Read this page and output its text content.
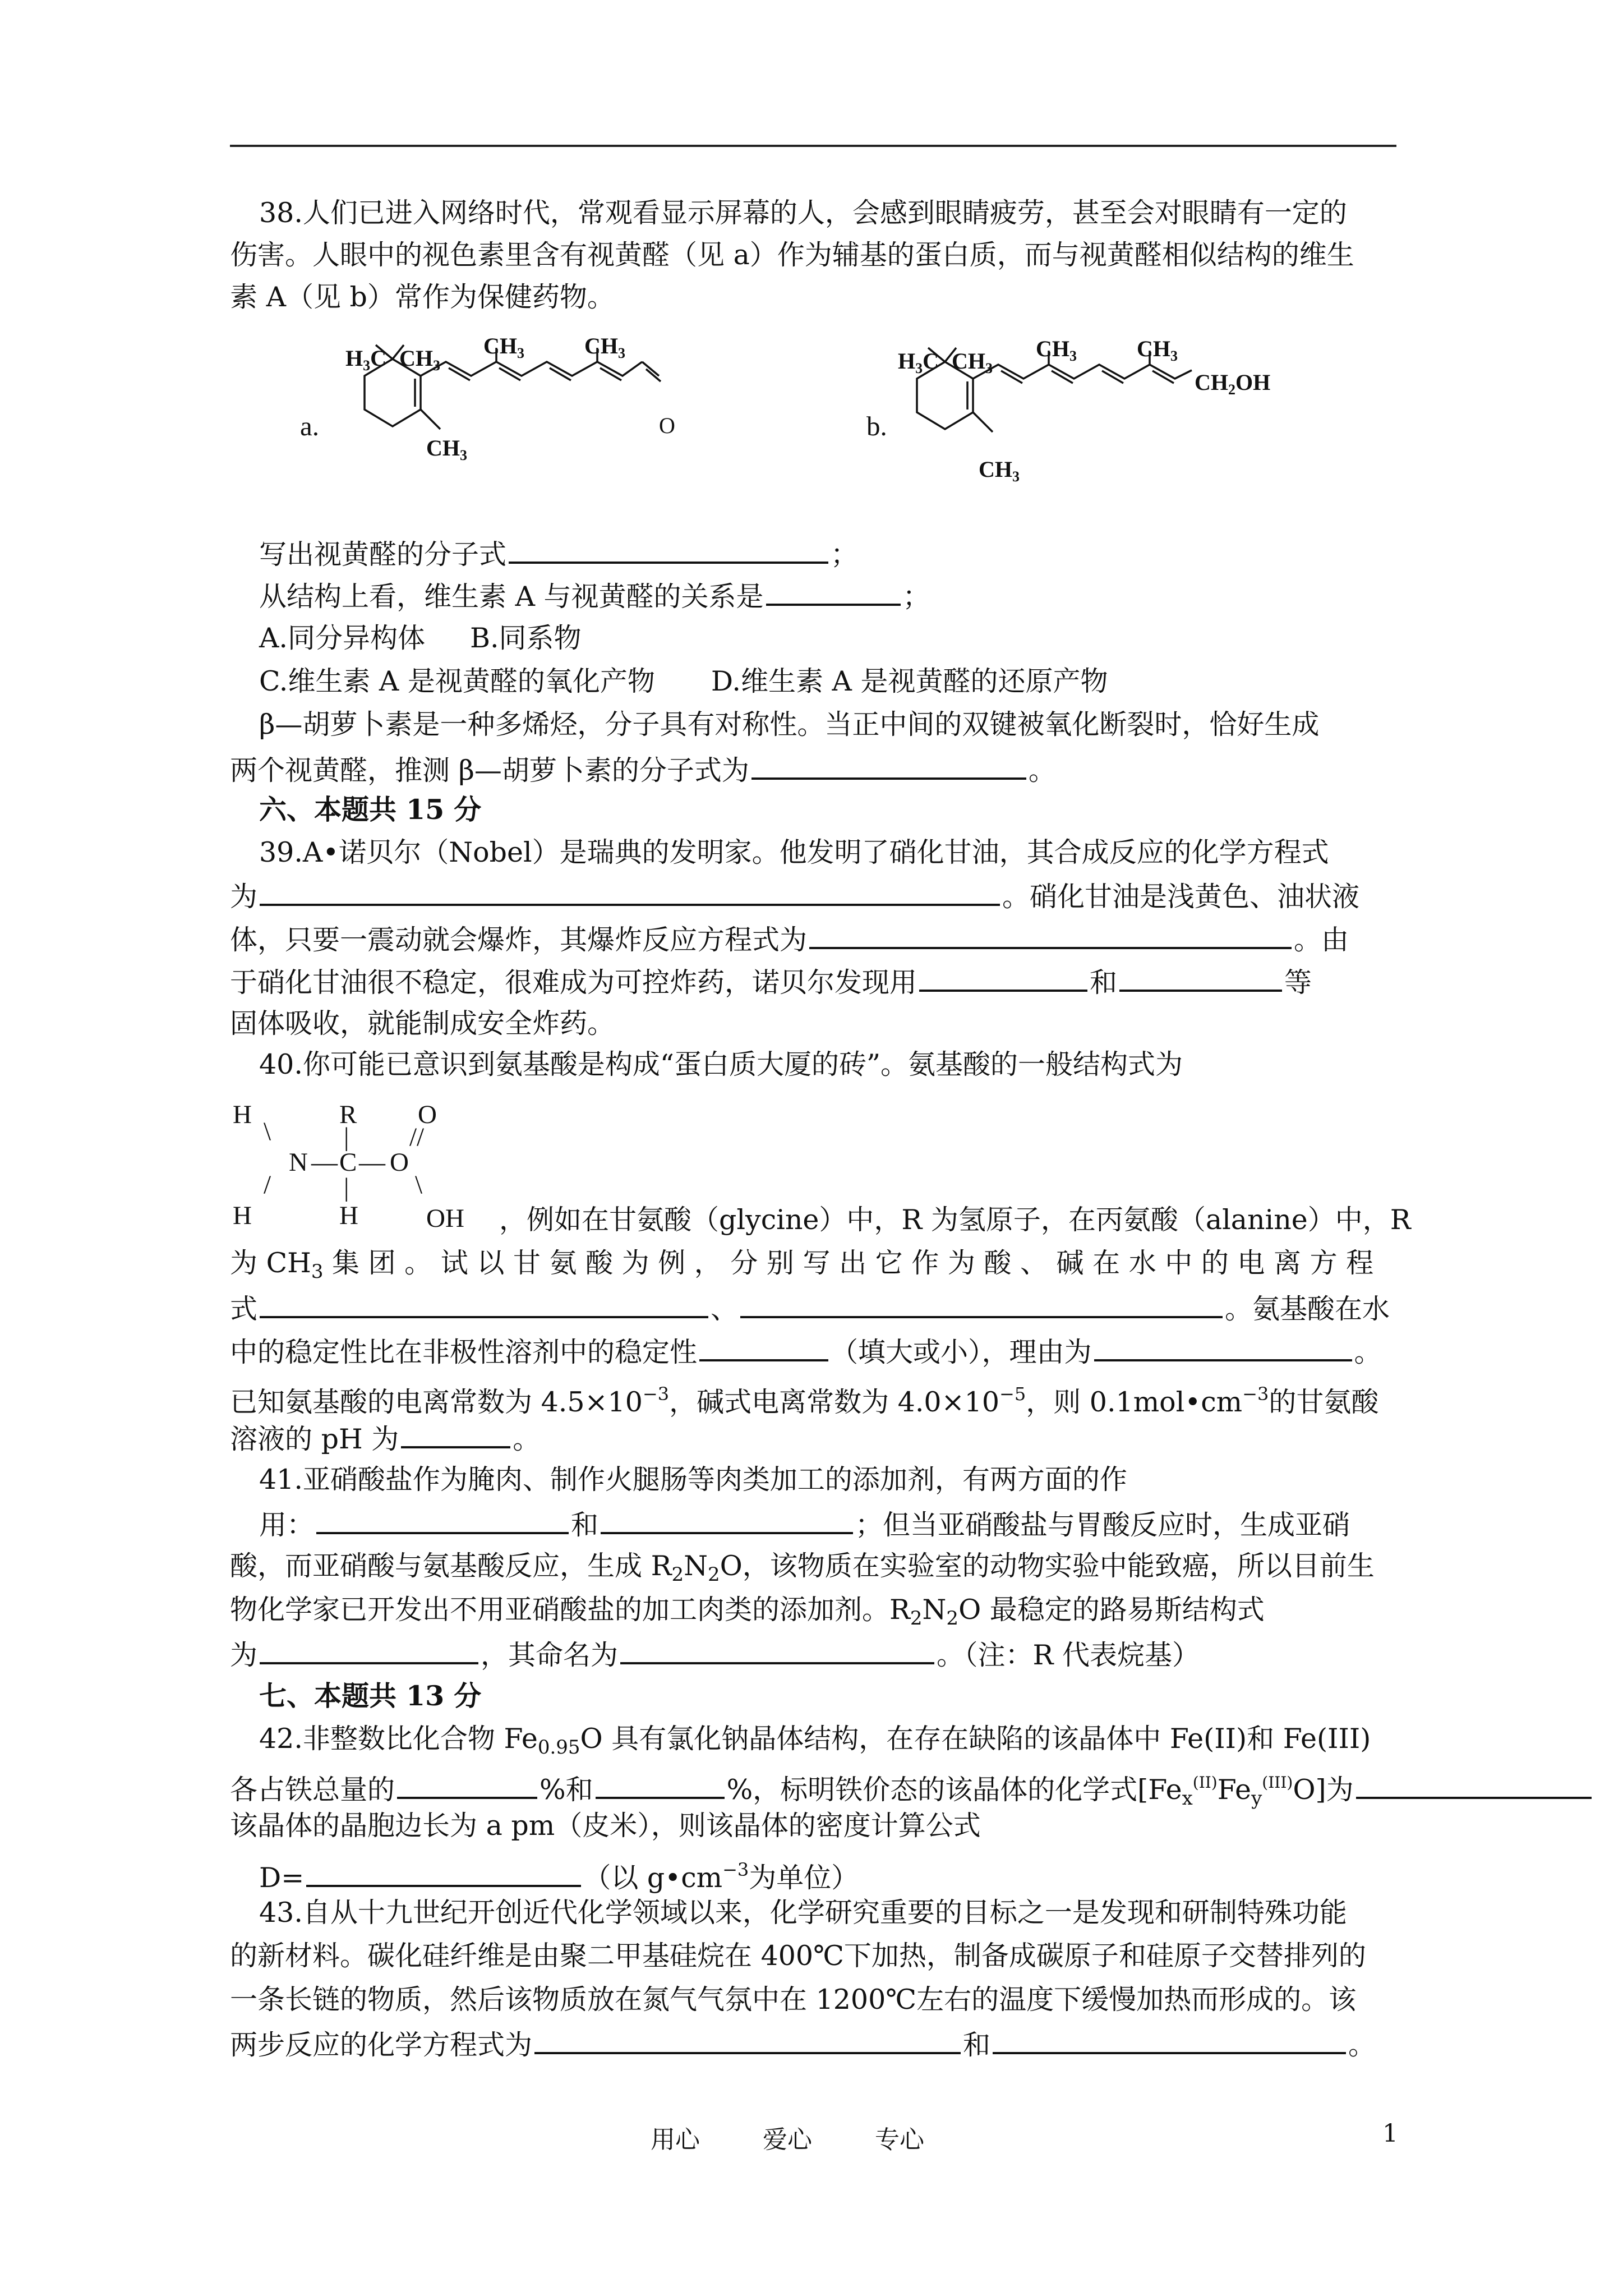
38.人们已进入网络时代，常观看显示屏幕的人，会感到眼睛疲劳，甚至会对眼睛有一定的
伤害。人眼中的视色素里含有视黄醛（见 a）作为辅基的蛋白质，而与视黄醛相似结构的维生
素 A（见 b）常作为保健药物。
a.
$H_3C$ $CH_3$
$CH_3$	$CH_3$
O
$CH_3$
b.
$H_3C$ $CH_3$
$CH_3$	$CH_3$
$CH_2OH$
$CH_3$
写出视黄醛的分子式	；
从结构上看，维生素 A 与视黄醛的关系是	；
A.同分异构体 B.同系物
C.维生素 A 是视黄醛的氧化产物 D.维生素 A 是视黄醛的还原产物
β—胡萝卜素是一种多烯烃，分子具有对称性。当正中间的双键被氧化断裂时，恰好生成
两个视黄醛，推测 β—胡萝卜素的分子式为	。
六、本题共 15 分
39.A•诺贝尔（Nobel）是瑞典的发明家。他发明了硝化甘油，其合成反应的化学方程式
为	。硝化甘油是浅黄色、油状液
体，只要一震动就会爆炸，其爆炸反应方程式为	。由
于硝化甘油很不稳定，很难成为可控炸药，诺贝尔发现用	和	等
固体吸收，就能制成安全炸药。
40.你可能已意识到氨基酸是构成“蛋白质大厦的砖”。氨基酸的一般结构式为
H	R O
\	| //
N — C — O
/	|	\
H	H	OH ，例如在甘氨酸（glycine）中，R 为氢原子，在丙氨酸（alanine）中，R
为 $CH_3$ 集 团 。 试 以 甘 氨 酸 为 例 ， 分 别 写 出 它 作 为 酸 、 碱 在 水 中 的 电 离 方 程
式	、	。氨基酸在水
中的稳定性比在非极性溶剂中的稳定性	（填大或小），理由为	。
已知氨基酸的电离常数为 $4.5\times 10^{-3}$，碱式电离常数为 $4.0\times 10^{-5}$，则 $0.1mol•cm^{-3}$的甘氨酸
溶液的 pH 为	。
41.亚硝酸盐作为腌肉、制作火腿肠等肉类加工的添加剂，有两方面的作
用：	和	；但当亚硝酸盐与胃酸反应时，生成亚硝
酸，而亚硝酸与氨基酸反应，生成 $R_2N_2O$，该物质在实验室的动物实验中能致癌，所以目前生
物化学家已开发出不用亚硝酸盐的加工肉类的添加剂。$R_2N_2O$ 最稳定的路易斯结构式
为	，其命名为	。（注：R 代表烷基）
七、本题共 13 分
42.非整数比化合物 $Fe_{0.95}O$ 具有氯化钠晶体结构，在存在缺陷的该晶体中 Fe(II)和 Fe(III)
各占铁总量的	%和	%，标明铁价态的该晶体的化学式$[Fe_x^{(II)}Fe_y^{(III)}O]$为
该晶体的晶胞边长为 a pm（皮米），则该晶体的密度计算公式
D=	（以 $g•cm^{-3}$为单位）
43.自从十九世纪开创近代化学领域以来，化学研究重要的目标之一是发现和研制特殊功能
的新材料。碳化硅纤维是由聚二甲基硅烷在 400℃下加热，制备成碳原子和硅原子交替排列的
一条长链的物质，然后该物质放在氮气气氛中在 1200℃左右的温度下缓慢加热而形成的。该
两步反应的化学方程式为	和	。
用心	爱心	专心	1
